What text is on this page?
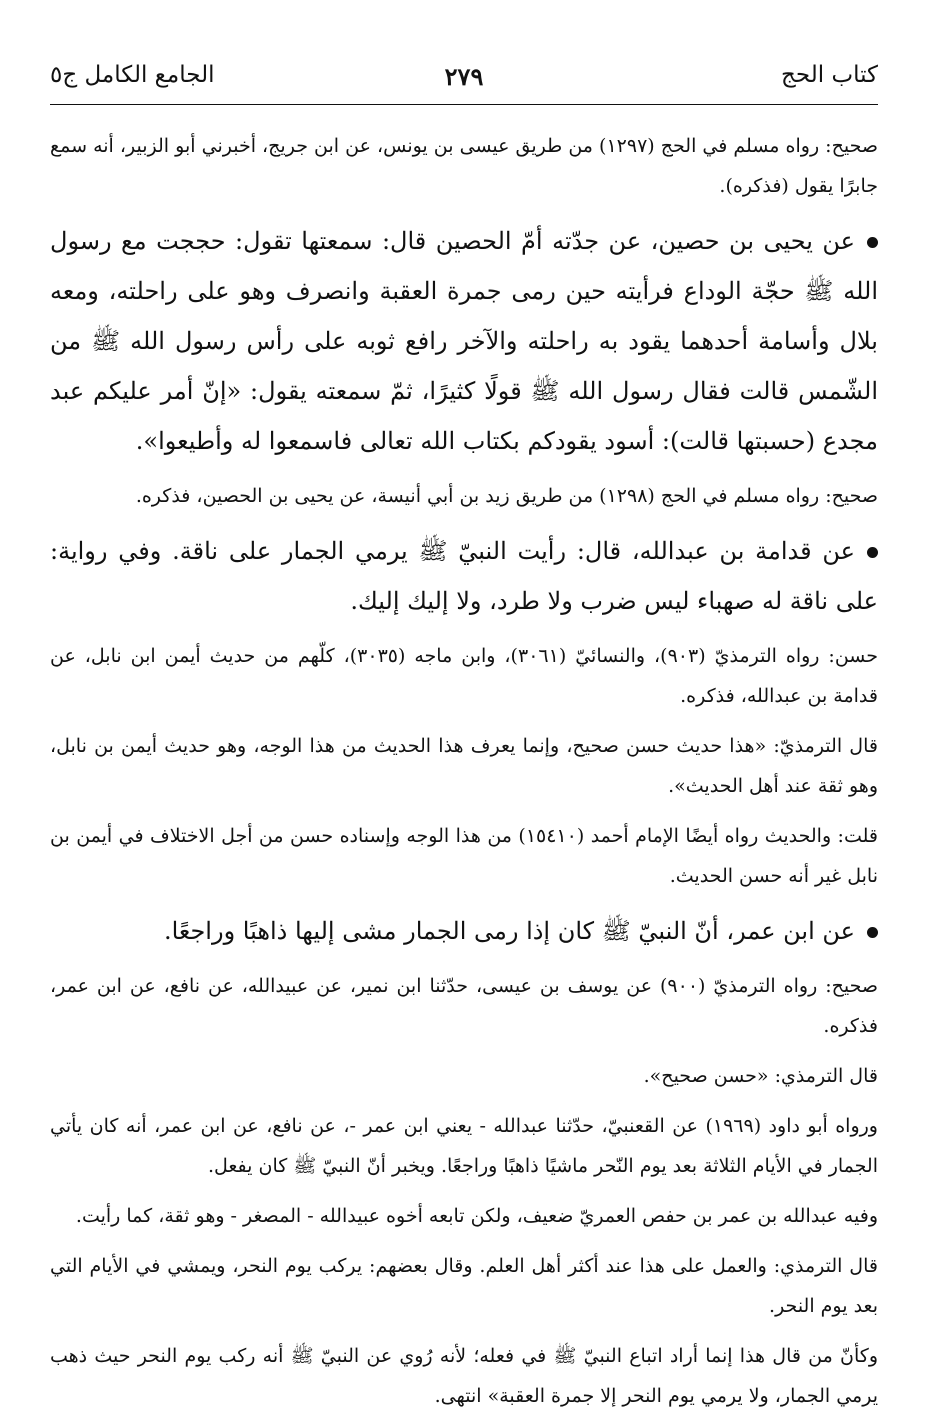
كتاب الحج
٢٧٩
الجامع الكامل ج٥

صحيح: رواه مسلم في الحج (١٢٩٧) من طريق عيسى بن يونس، عن ابن جريج، أخبرني أبو الزبير، أنه سمع جابرًا يقول (فذكره).

عن يحيى بن حصين، عن جدّته أمّ الحصين قال: سمعتها تقول: حججت مع رسول الله ﷺ حجّة الوداع فرأيته حين رمى جمرة العقبة وانصرف وهو على راحلته، ومعه بلال وأسامة أحدهما يقود به راحلته والآخر رافع ثوبه على رأس رسول الله ﷺ من الشّمس قالت فقال رسول الله ﷺ قولًا كثيرًا، ثمّ سمعته يقول: «إنّ أمر عليكم عبد مجدع (حسبتها قالت): أسود يقودكم بكتاب الله تعالى فاسمعوا له وأطيعوا».

صحيح: رواه مسلم في الحج (١٢٩٨) من طريق زيد بن أبي أنيسة، عن يحيى بن الحصين، فذكره.

عن قدامة بن عبدالله، قال: رأيت النبيّ ﷺ يرمي الجمار على ناقة. وفي رواية: على ناقة له صهباء ليس ضرب ولا طرد، ولا إليك إليك.

حسن: رواه الترمذيّ (٩٠٣)، والنسائيّ (٣٠٦١)، وابن ماجه (٣٠٣٥)، كلّهم من حديث أيمن ابن نابل، عن قدامة بن عبدالله، فذكره.

قال الترمذيّ: «هذا حديث حسن صحيح، وإنما يعرف هذا الحديث من هذا الوجه، وهو حديث أيمن بن نابل، وهو ثقة عند أهل الحديث».

قلت: والحديث رواه أيضًا الإمام أحمد (١٥٤١٠) من هذا الوجه وإسناده حسن من أجل الاختلاف في أيمن بن نابل غير أنه حسن الحديث.

عن ابن عمر، أنّ النبيّ ﷺ كان إذا رمى الجمار مشى إليها ذاهبًا وراجعًا.

صحيح: رواه الترمذيّ (٩٠٠) عن يوسف بن عيسى، حدّثنا ابن نمير، عن عبيدالله، عن نافع، عن ابن عمر، فذكره.

قال الترمذي: «حسن صحيح».

ورواه أبو داود (١٩٦٩) عن القعنبيّ، حدّثنا عبدالله - يعني ابن عمر -، عن نافع، عن ابن عمر، أنه كان يأتي الجمار في الأيام الثلاثة بعد يوم النّحر ماشيًا ذاهبًا وراجعًا. ويخبر أنّ النبيّ ﷺ كان يفعل.

وفيه عبدالله بن عمر بن حفص العمريّ ضعيف، ولكن تابعه أخوه عبيدالله - المصغر - وهو ثقة، كما رأيت.

قال الترمذي: والعمل على هذا عند أكثر أهل العلم. وقال بعضهم: يركب يوم النحر، ويمشي في الأيام التي بعد يوم النحر.

وكأنّ من قال هذا إنما أراد اتباع النبيّ ﷺ في فعله؛ لأنه رُوي عن النبيّ ﷺ أنه ركب يوم النحر حيث ذهب يرمي الجمار، ولا يرمي يوم النحر إلا جمرة العقبة» انتهى.
